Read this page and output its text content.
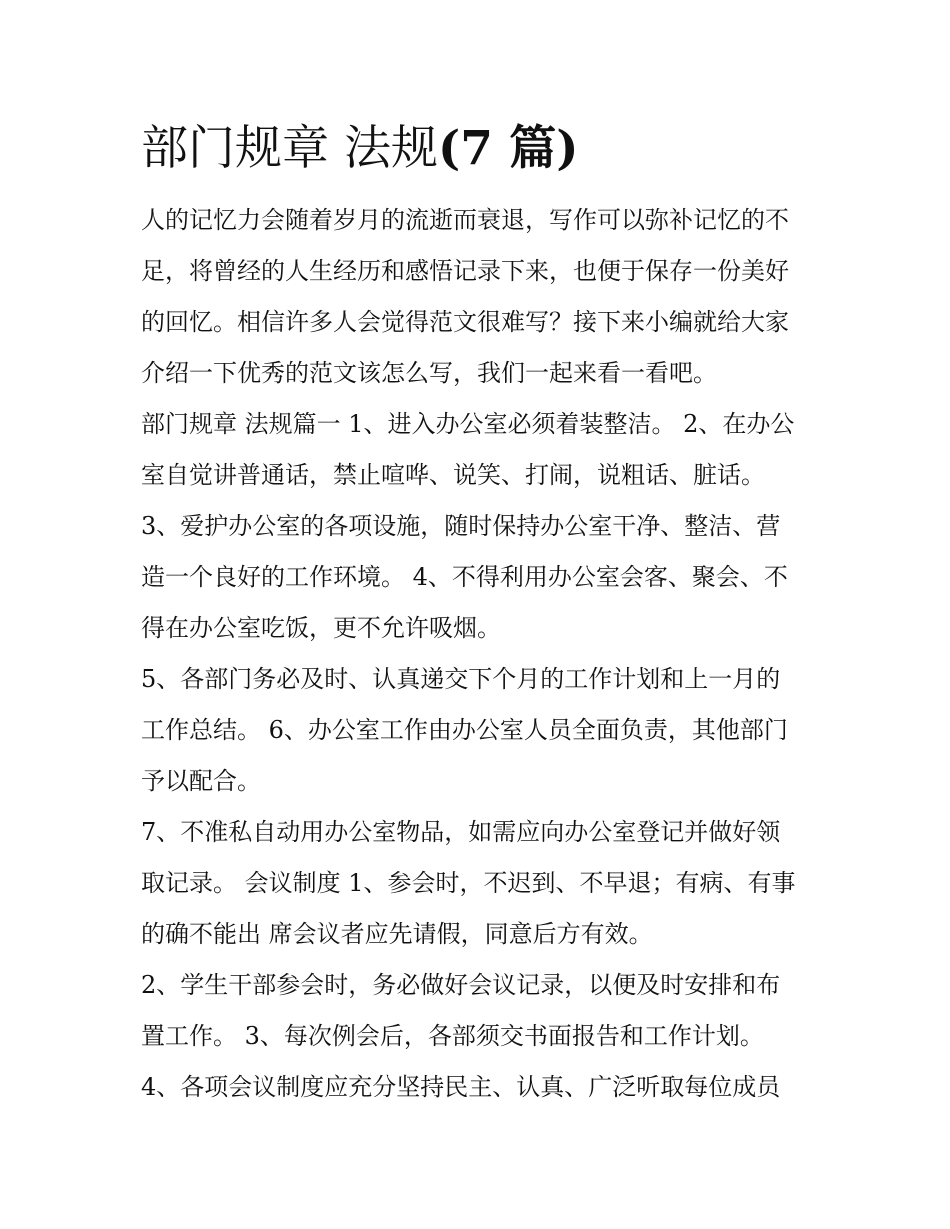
部门规章 法规(7 篇)
人的记忆力会随着岁月的流逝而衰退，写作可以弥补记忆的不
足，将曾经的人生经历和感悟记录下来，也便于保存一份美好
的回忆。相信许多人会觉得范文很难写？接下来小编就给大家
介绍一下优秀的范文该怎么写，我们一起来看一看吧。
部门规章 法规篇一 1、进入办公室必须着装整洁。 2、在办公
室自觉讲普通话，禁止喧哗、说笑、打闹，说粗话、脏话。
3、爱护办公室的各项设施，随时保持办公室干净、整洁、营
造一个良好的工作环境。 4、不得利用办公室会客、聚会、不
得在办公室吃饭，更不允许吸烟。
5、各部门务必及时、认真递交下个月的工作计划和上一月的
工作总结。 6、办公室工作由办公室人员全面负责，其他部门
予以配合。
7、不准私自动用办公室物品，如需应向办公室登记并做好领
取记录。 会议制度 1、参会时，不迟到、不早退；有病、有事
的确不能出 席会议者应先请假，同意后方有效。
2、学生干部参会时，务必做好会议记录，以便及时安排和布
置工作。 3、每次例会后，各部须交书面报告和工作计划。
4、各项会议制度应充分坚持民主、认真、广泛听取每位成员
